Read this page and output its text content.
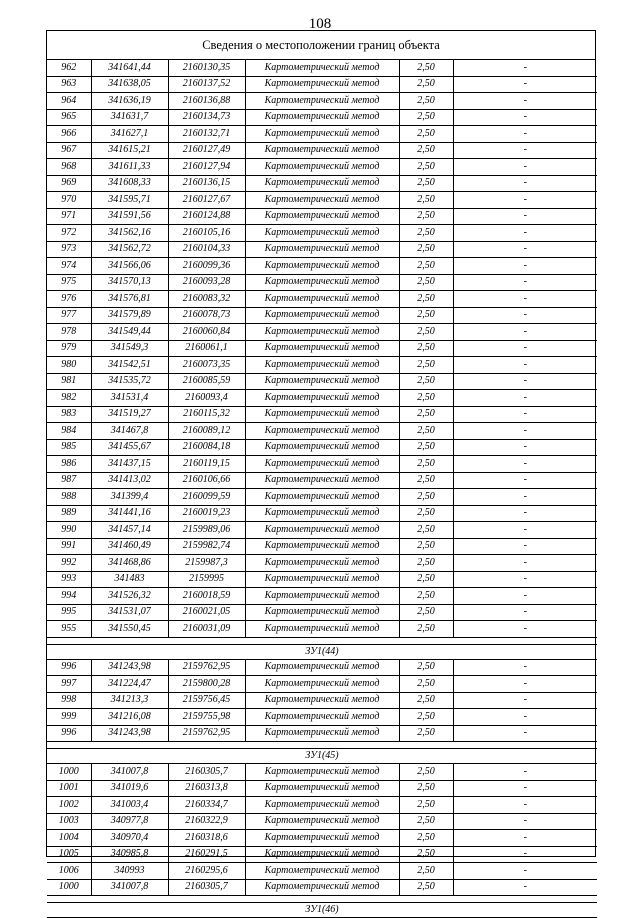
108
Сведения о местоположении границ объекта
962	341641,44	2160130,35	Картометрический метод	2,50	-
963	341638,05	2160137,52	Картометрический метод	2,50	-
964	341636,19	2160136,88	Картометрический метод	2,50	-
965	341631,7	2160134,73	Картометрический метод	2,50	-
966	341627,1	2160132,71	Картометрический метод	2,50	-
967	341615,21	2160127,49	Картометрический метод	2,50	-
968	341611,33	2160127,94	Картометрический метод	2,50	-
969	341608,33	2160136,15	Картометрический метод	2,50	-
970	341595,71	2160127,67	Картометрический метод	2,50	-
971	341591,56	2160124,88	Картометрический метод	2,50	-
972	341562,16	2160105,16	Картометрический метод	2,50	-
973	341562,72	2160104,33	Картометрический метод	2,50	-
974	341566,06	2160099,36	Картометрический метод	2,50	-
975	341570,13	2160093,28	Картометрический метод	2,50	-
976	341576,81	2160083,32	Картометрический метод	2,50	-
977	341579,89	2160078,73	Картометрический метод	2,50	-
978	341549,44	2160060,84	Картометрический метод	2,50	-
979	341549,3	2160061,1	Картометрический метод	2,50	-
980	341542,51	2160073,35	Картометрический метод	2,50	-
981	341535,72	2160085,59	Картометрический метод	2,50	-
982	341531,4	2160093,4	Картометрический метод	2,50	-
983	341519,27	2160115,32	Картометрический метод	2,50	-
984	341467,8	2160089,12	Картометрический метод	2,50	-
985	341455,67	2160084,18	Картометрический метод	2,50	-
986	341437,15	2160119,15	Картометрический метод	2,50	-
987	341413,02	2160106,66	Картометрический метод	2,50	-
988	341399,4	2160099,59	Картометрический метод	2,50	-
989	341441,16	2160019,23	Картометрический метод	2,50	-
990	341457,14	2159989,06	Картометрический метод	2,50	-
991	341460,49	2159982,74	Картометрический метод	2,50	-
992	341468,86	2159987,3	Картометрический метод	2,50	-
993	341483	2159995	Картометрический метод	2,50	-
994	341526,32	2160018,59	Картометрический метод	2,50	-
995	341531,07	2160021,05	Картометрический метод	2,50	-
955	341550,45	2160031,09	Картометрический метод	2,50	-

ЗУ1(44)					
996	341243,98	2159762,95	Картометрический метод	2,50	-
997	341224,47	2159800,28	Картометрический метод	2,50	-
998	341213,3	2159756,45	Картометрический метод	2,50	-
999	341216,08	2159755,98	Картометрический метод	2,50	-
996	341243,98	2159762,95	Картометрический метод	2,50	-

ЗУ1(45)					
1000	341007,8	2160305,7	Картометрический метод	2,50	-
1001	341019,6	2160313,8	Картометрический метод	2,50	-
1002	341003,4	2160334,7	Картометрический метод	2,50	-
1003	340977,8	2160322,9	Картометрический метод	2,50	-
1004	340970,4	2160318,6	Картометрический метод	2,50	-
1005	340985,8	2160291,5	Картометрический метод	2,50	-
1006	340993	2160295,6	Картометрический метод	2,50	-
1000	341007,8	2160305,7	Картометрический метод	2,50	-

ЗУ1(46)					
